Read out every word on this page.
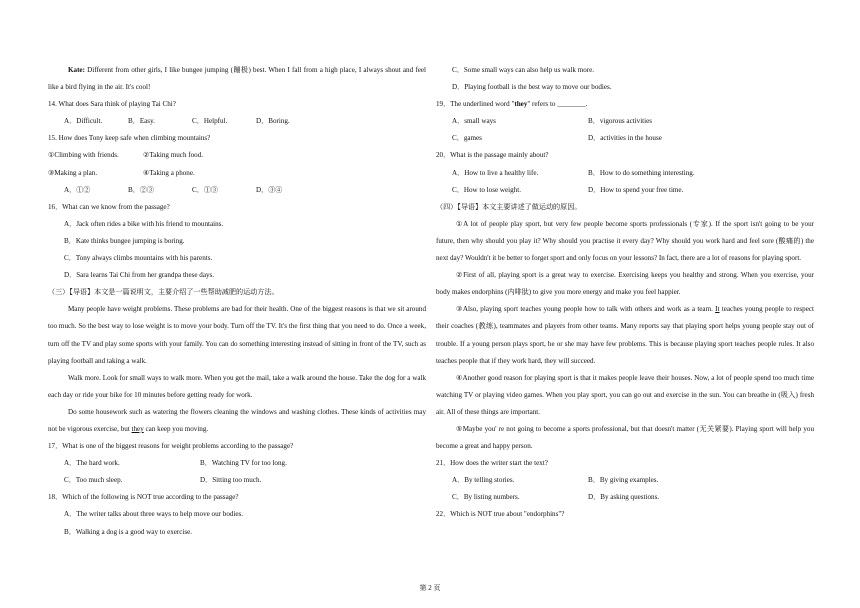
Kate: Different from other girls, I like bungee jumping (蹦极) best. When I fall from a high place, I always shout and feel like a bird flying in the air. It's cool!
14. What does Sara think of playing Tai Chi?
A．Difficult.	B．Easy.	C．Helpful.	D．Boring.
15. How does Tony keep safe when climbing mountains?
①Climbing with friends.	②Taking much food.
③Making a plan.	④Taking a phone.
A．①②	B．②③	C．①③	D．③④
16．What can we know from the passage?
A．Jack often rides a bike with his friend to mountains.
B．Kate thinks bungee jumping is boring.
C．Tony always climbs mountains with his parents.
D．Sara learns Tai Chi from her grandpa these days.
（三）【导语】本文是一篇说明文，主要介绍了一些帮助减肥的运动方法。
Many people have weight problems. These problems are bad for their health. One of the biggest reasons is that we sit around too much. So the best way to lose weight is to move your body. Turn off the TV. It's the first thing that you need to do. Once a week, turn off the TV and play some sports with your family. You can do something interesting instead of sitting in front of the TV, such as playing football and taking a walk.
Walk more. Look for small ways to walk more. When you get the mail, take a walk around the house. Take the dog for a walk each day or ride your bike for 10 minutes before getting ready for work.
Do some housework such as watering the flowers cleaning the windows and washing clothes. These kinds of activities may not be vigorous exercise, but they can keep you moving.
17．What is one of the biggest reasons for weight problems according to the passage?
A．The hard work.	B．Watching TV for too long.
C．Too much sleep.	D．Sitting too much.
18．Which of the following is NOT true according to the passage?
A．The writer talks about three ways to help move our bodies.
B．Walking a dog is a good way to exercise.
C．Some small ways can also help us walk more.
D．Playing football is the best way to move our bodies.
19．The underlined word "they" refers to ________.
A．small ways	B．vigorous activities
C．games	D．activities in the house
20．What is the passage mainly about?
A．How to live a healthy life.	B．How to do something interesting.
C．How to lose weight.	D．How to spend your free time.
（四）【导语】本文主要讲述了做运动的原因。
①A lot of people play sport, but very few people become sports professionals (专家). If the sport isn't going to be your future, then why should you play it? Why should you practise it every day? Why should you work hard and feel sore (酸痛的) the next day? Wouldn't it be better to forget sport and only focus on your lessons? In fact, there are a lot of reasons for playing sport.
②First of all, playing sport is a great way to exercise. Exercising keeps you healthy and strong. When you exercise, your body makes endorphins (内啡肽) to give you more energy and make you feel happier.
③Also, playing sport teaches young people how to talk with others and work as a team. It teaches young people to respect their coaches (教练), teammates and players from other teams. Many reports say that playing sport helps young people stay out of trouble. If a young person plays sport, he or she may have few problems. This is because playing sport teaches people rules. It also teaches people that if they work hard, they will succeed.
④Another good reason for playing sport is that it makes people leave their houses. Now, a lot of people spend too much time watching TV or playing video games. When you play sport, you can go out and exercise in the sun. You can breathe in (吸入) fresh air. All of these things are important.
⑤Maybe you' re not going to become a sports professional, but that doesn't matter (无关紧要). Playing sport will help you become a great and happy person.
21．How does the writer start the text?
A．By telling stories.	B．By giving examples.
C．By listing numbers.	D．By asking questions.
22．Which is NOT true about "endorphins"?
第 2 页
